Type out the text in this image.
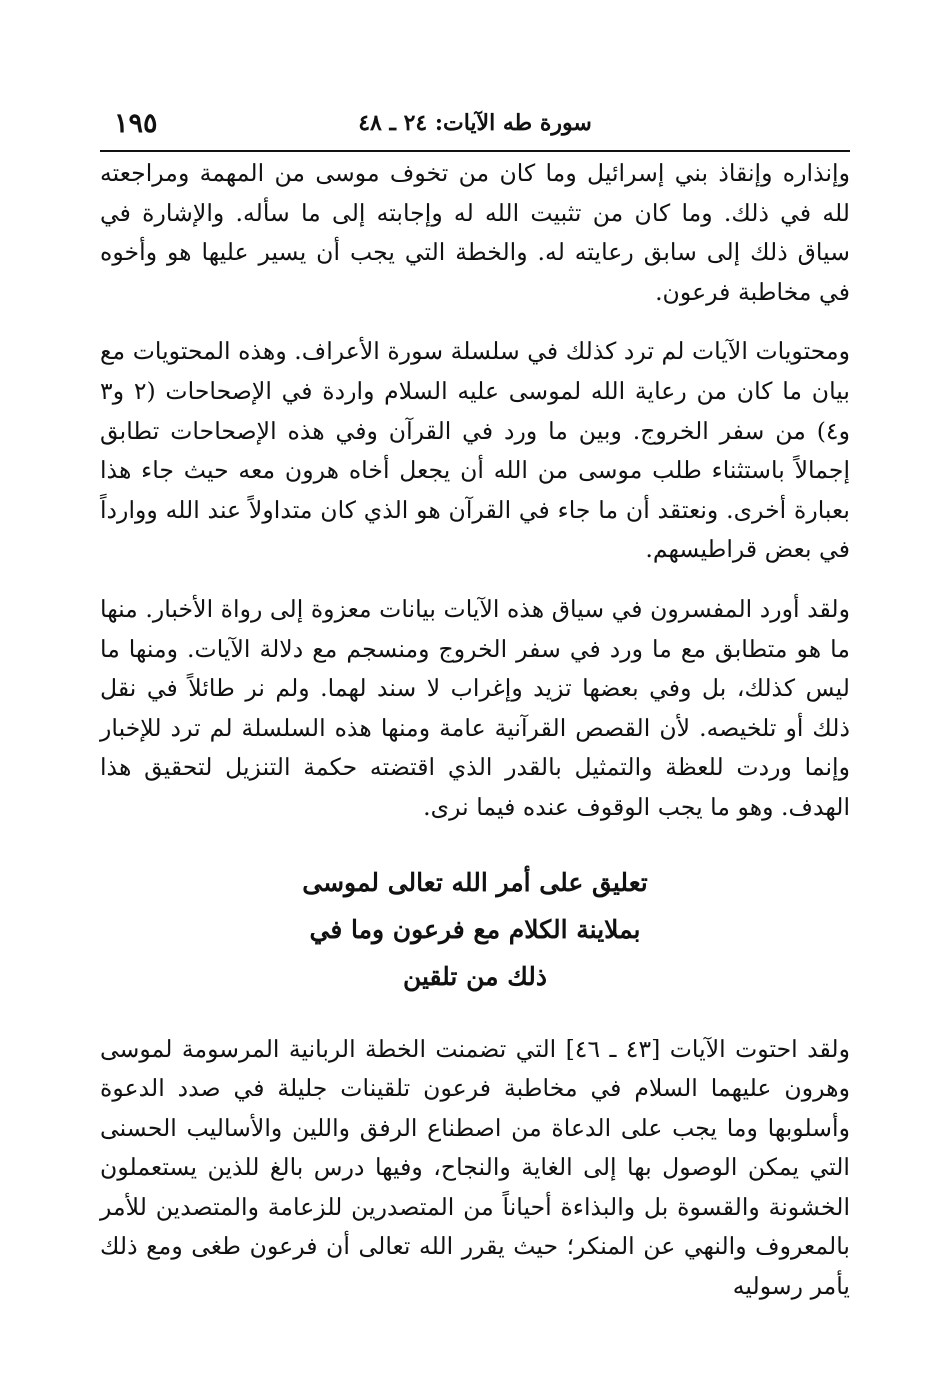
١٩٥	سورة طه الآيات: ٢٤ ـ ٤٨

وإنذاره وإنقاذ بني إسرائيل وما كان من تخوف موسى من المهمة ومراجعته لله في ذلك. وما كان من تثبيت الله له وإجابته إلى ما سأله. والإشارة في سياق ذلك إلى سابق رعايته له. والخطة التي يجب أن يسير عليها هو وأخوه في مخاطبة فرعون.

ومحتويات الآيات لم ترد كذلك في سلسلة سورة الأعراف. وهذه المحتويات مع بيان ما كان من رعاية الله لموسى عليه السلام واردة في الإصحاحات (٢ و٣ و٤) من سفر الخروج. وبين ما ورد في القرآن وفي هذه الإصحاحات تطابق إجمالاً باستثناء طلب موسى من الله أن يجعل أخاه هرون معه حيث جاء هذا بعبارة أخرى. ونعتقد أن ما جاء في القرآن هو الذي كان متداولاً عند الله ووارداً في بعض قراطيسهم.

ولقد أورد المفسرون في سياق هذه الآيات بيانات معزوة إلى رواة الأخبار. منها ما هو متطابق مع ما ورد في سفر الخروج ومنسجم مع دلالة الآيات. ومنها ما ليس كذلك، بل وفي بعضها تزيد وإغراب لا سند لهما. ولم نر طائلاً في نقل ذلك أو تلخيصه. لأن القصص القرآنية عامة ومنها هذه السلسلة لم ترد للإخبار وإنما وردت للعظة والتمثيل بالقدر الذي اقتضته حكمة التنزيل لتحقيق هذا الهدف. وهو ما يجب الوقوف عنده فيما نرى.

تعليق على أمر الله تعالى لموسى
بملاينة الكلام مع فرعون وما في
ذلك من تلقين

ولقد احتوت الآيات [٤٣ ـ ٤٦] التي تضمنت الخطة الربانية المرسومة لموسى وهرون عليهما السلام في مخاطبة فرعون تلقينات جليلة في صدد الدعوة وأسلوبها وما يجب على الدعاة من اصطناع الرفق واللين والأساليب الحسنى التي يمكن الوصول بها إلى الغاية والنجاح، وفيها درس بالغ للذين يستعملون الخشونة والقسوة بل والبذاءة أحياناً من المتصدرين للزعامة والمتصدين للأمر بالمعروف والنهي عن المنكر؛ حيث يقرر الله تعالى أن فرعون طغى ومع ذلك يأمر رسوليه
